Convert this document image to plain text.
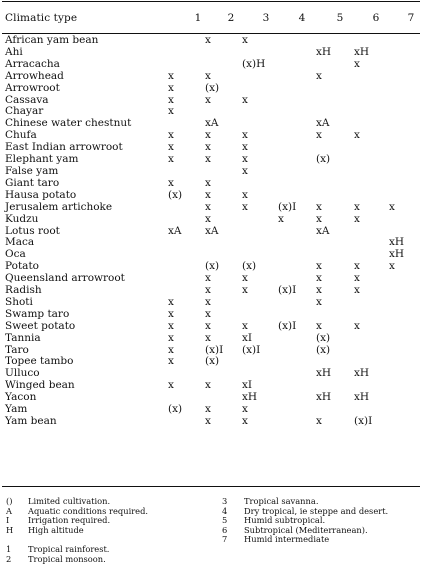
Climatic type	1	2	3	4	5	6	7
African yam bean		x	x				
Ahi					xH	xH	
Arracacha			(x)H			x	
Arrowhead	x	x			x		
Arrowroot	x	(x)					
Cassava	x	x	x				
Chayar	x						
Chinese water chestnut		xA			xA		
Chufa	x	x	x		x	x	
East Indian arrowroot	x	x	x				
Elephant yam	x	x	x		(x)		
False yam			x				
Giant taro	x	x					
Hausa potato	(x)	x	x				
Jerusalem artichoke		x	x	(x)I	x	x	x
Kudzu		x		x	x	x	
Lotus root	xA	xA			xA		
Maca							xH
Oca							xH
Potato		(x)	(x)		x	x	x
Queensland arrowroot		x	x		x	x	
Radish		x	x	(x)I	x	x	
Shoti	x	x			x		
Swamp taro	x	x					
Sweet potato	x	x	x	(x)I	x	x	
Tannia	x	x	xI		(x)		
Taro	x	(x)I	(x)I		(x)		
Topee tambo	x	(x)					
Ulluco					xH	xH	
Winged bean	x	x	xI				
Yacon			xH		xH	xH	
Yam	(x)	x	x				
Yam bean		x	x		x	(x)I	
()	Limited cultivation.
A	Aquatic conditions required.
I	Irrigation required.
H	High altitude
1	Tropical rainforest.
2	Tropical monsoon.
3	Tropical savanna.
4	Dry tropical, ie steppe and desert.
5	Humid subtropical.
6	Subtropical (Mediterranean).
7	Humid intermediate
